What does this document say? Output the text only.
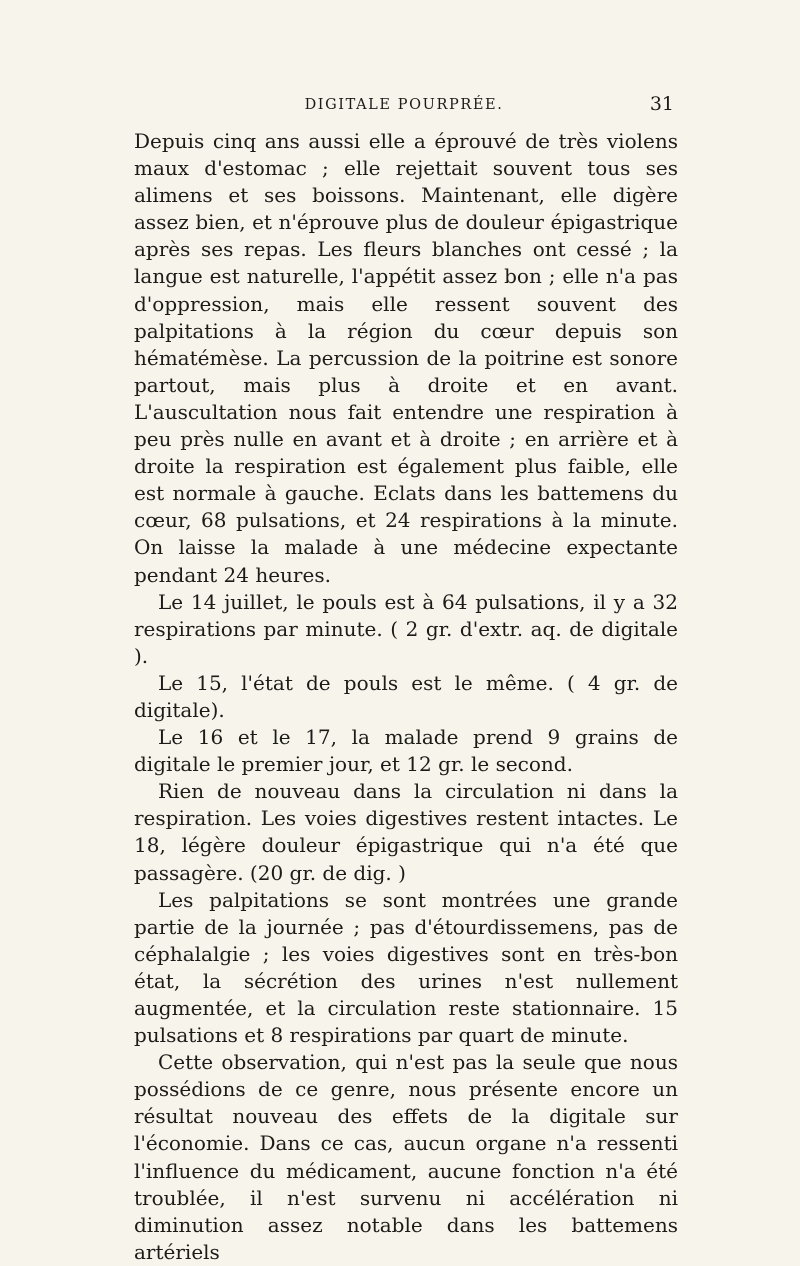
DIGITALE POURPRÉE.	31

Depuis cinq ans aussi elle a éprouvé de très violens maux d'estomac ; elle rejettait souvent tous ses alimens et ses boissons. Maintenant, elle digère assez bien, et n'éprouve plus de douleur épigastrique après ses repas. Les fleurs blanches ont cessé ; la langue est naturelle, l'appétit assez bon ; elle n'a pas d'oppression, mais elle ressent souvent des palpitations à la région du cœur depuis son hématémèse. La percussion de la poitrine est sonore partout, mais plus à droite et en avant. L'auscultation nous fait entendre une respiration à peu près nulle en avant et à droite ; en arrière et à droite la respiration est également plus faible, elle est normale à gauche. Eclats dans les battemens du cœur, 68 pulsations, et 24 respirations à la minute. On laisse la malade à une médecine expectante pendant 24 heures.

Le 14 juillet, le pouls est à 64 pulsations, il y a 32 respirations par minute. ( 2 gr. d'extr. aq. de digitale ).

Le 15, l'état de pouls est le même. ( 4 gr. de digitale).

Le 16 et le 17, la malade prend 9 grains de digitale le premier jour, et 12 gr. le second.

Rien de nouveau dans la circulation ni dans la respiration. Les voies digestives restent intactes. Le 18, légère douleur épigastrique qui n'a été que passagère. (20 gr. de dig. )

Les palpitations se sont montrées une grande partie de la journée ; pas d'étourdissemens, pas de céphalalgie ; les voies digestives sont en très-bon état, la sécrétion des urines n'est nullement augmentée, et la circulation reste stationnaire. 15 pulsations et 8 respirations par quart de minute.

Cette observation, qui n'est pas la seule que nous possédions de ce genre, nous présente encore un résultat nouveau des effets de la digitale sur l'économie. Dans ce cas, aucun organe n'a ressenti l'influence du médicament, aucune fonction n'a été troublée, il n'est survenu ni accélération ni diminution assez notable dans les battemens artériels
